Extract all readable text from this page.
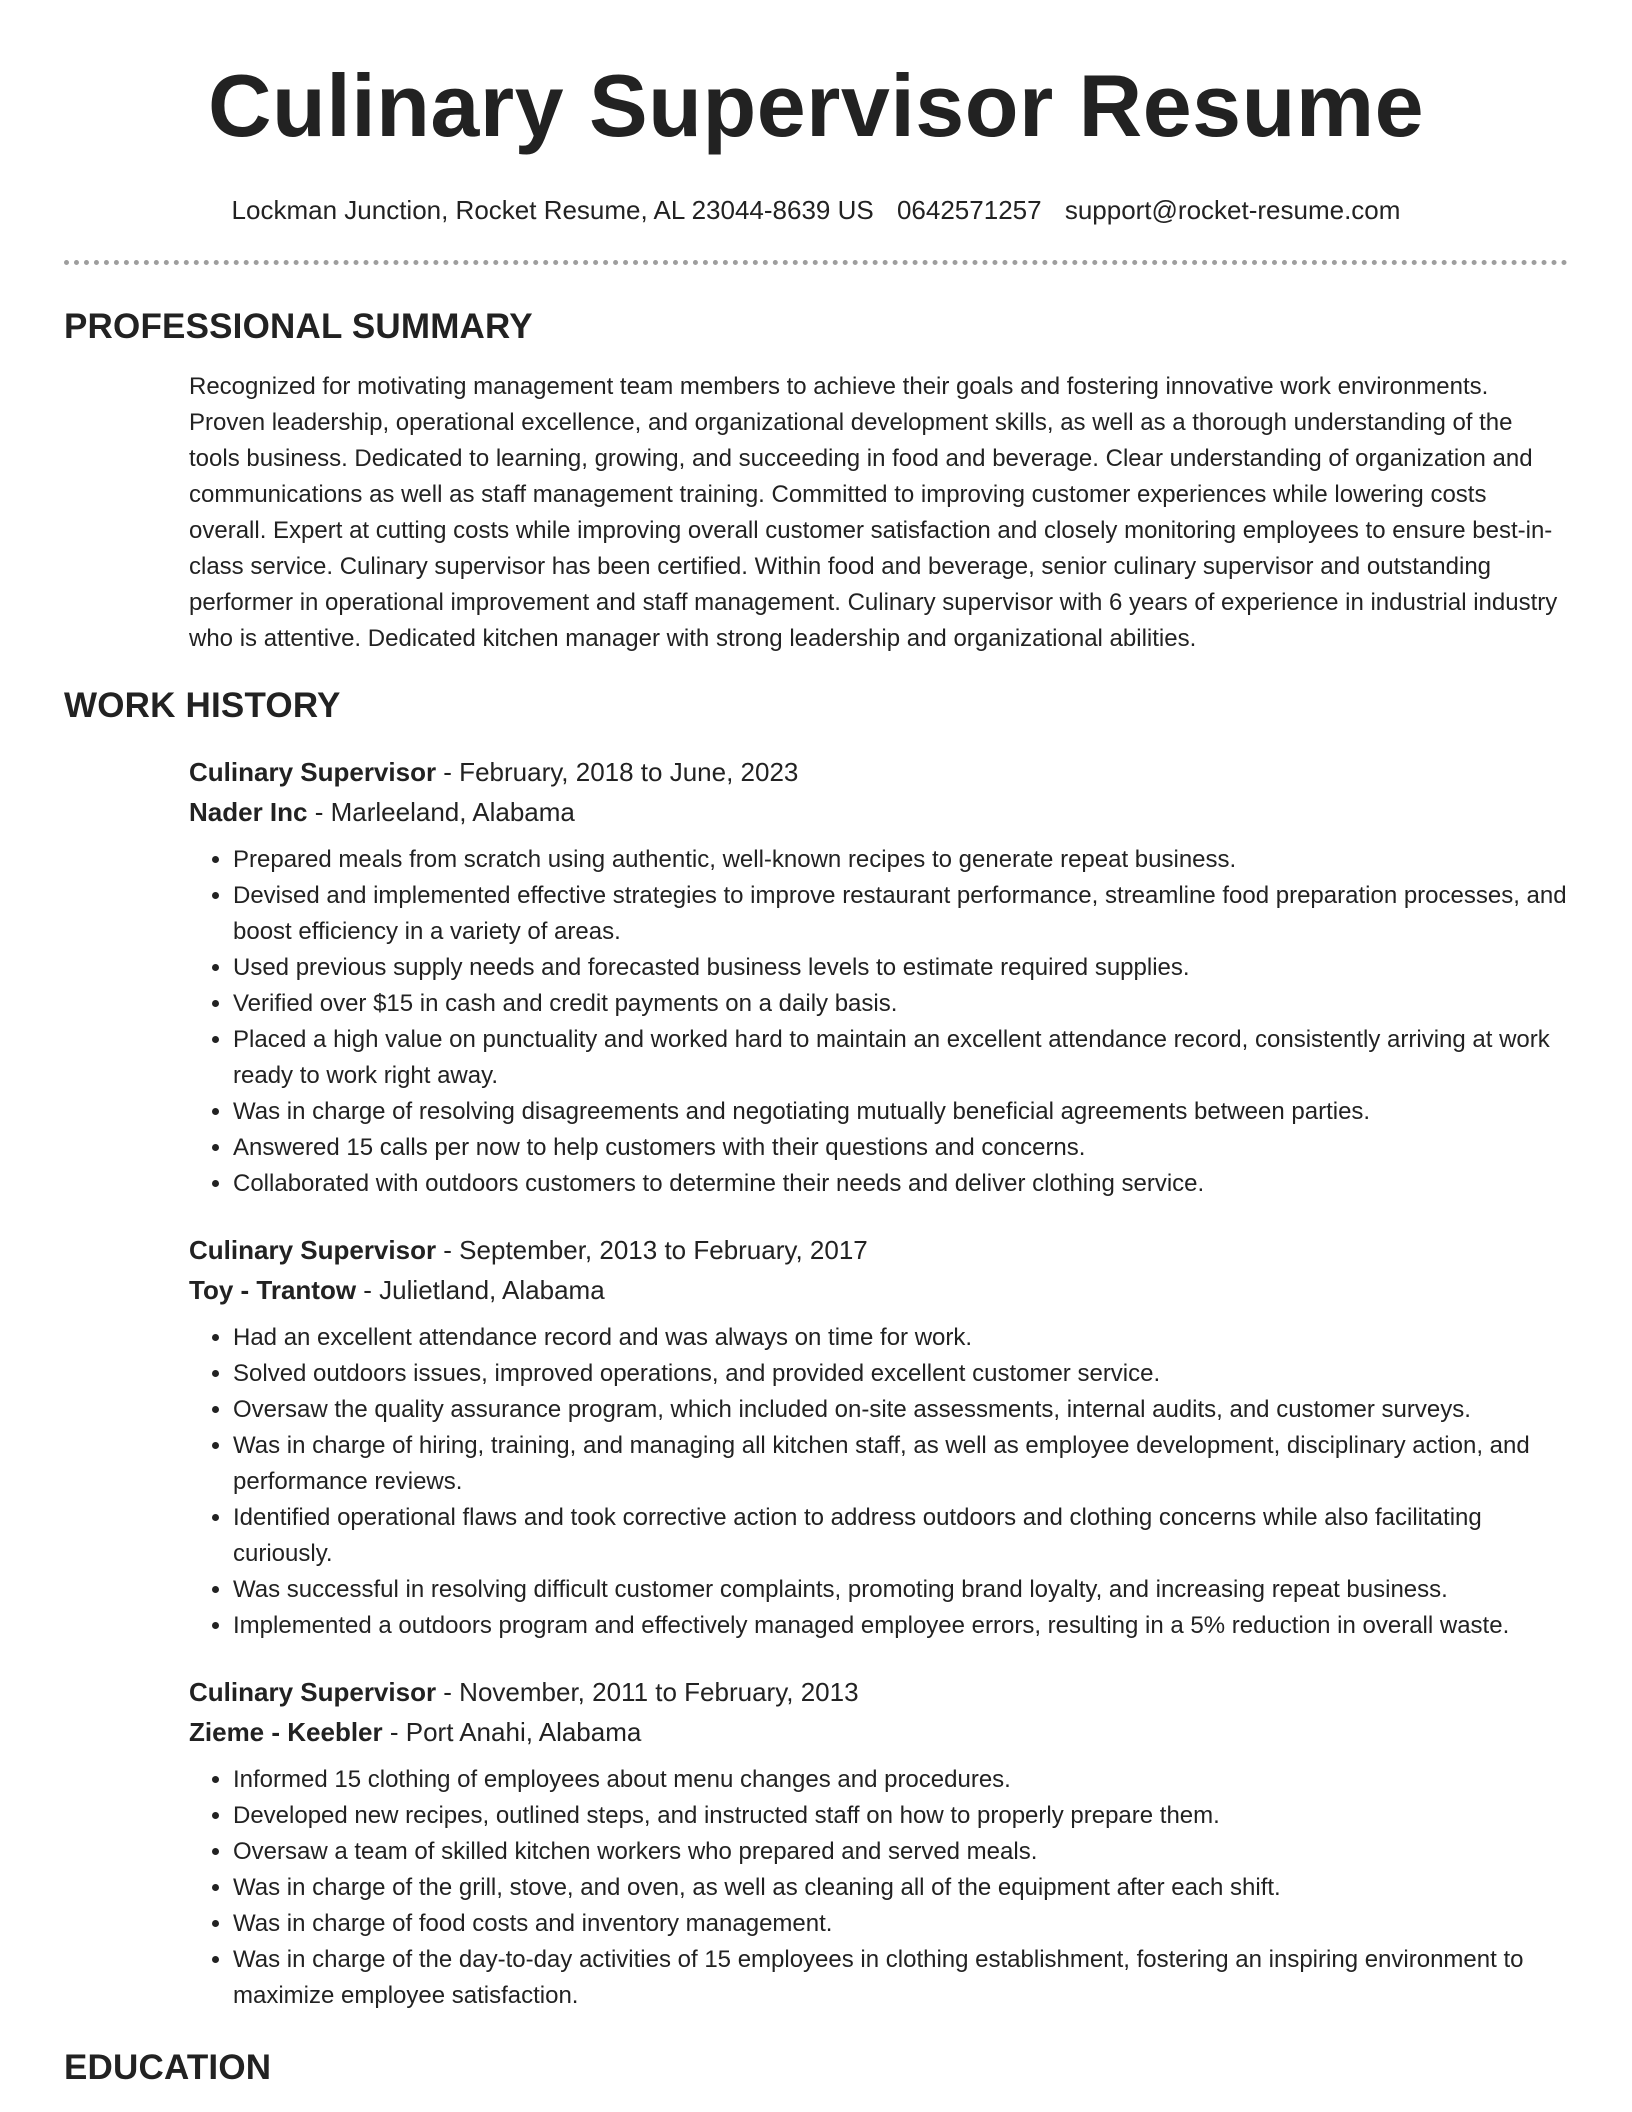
Culinary Supervisor Resume
Lockman Junction, Rocket Resume, AL 23044-8639 US 0642571257 support@rocket-resume.com
PROFESSIONAL SUMMARY

Recognized for motivating management team members to achieve their goals and fostering innovative work environments. Proven leadership, operational excellence, and organizational development skills, as well as a thorough understanding of the tools business. Dedicated to learning, growing, and succeeding in food and beverage. Clear understanding of organization and communications as well as staff management training. Committed to improving customer experiences while lowering costs overall. Expert at cutting costs while improving overall customer satisfaction and closely monitoring employees to ensure best-in-class service. Culinary supervisor has been certified. Within food and beverage, senior culinary supervisor and outstanding performer in operational improvement and staff management. Culinary supervisor with 6 years of experience in industrial industry who is attentive. Dedicated kitchen manager with strong leadership and organizational abilities.

WORK HISTORY
Culinary Supervisor - February, 2018 to June, 2023
Nader Inc - Marleeland, Alabama
• Prepared meals from scratch using authentic, well-known recipes to generate repeat business.
• Devised and implemented effective strategies to improve restaurant performance, streamline food preparation processes, and boost efficiency in a variety of areas.
• Used previous supply needs and forecasted business levels to estimate required supplies.
• Verified over $15 in cash and credit payments on a daily basis.
• Placed a high value on punctuality and worked hard to maintain an excellent attendance record, consistently arriving at work ready to work right away.
• Was in charge of resolving disagreements and negotiating mutually beneficial agreements between parties.
• Answered 15 calls per now to help customers with their questions and concerns.
• Collaborated with outdoors customers to determine their needs and deliver clothing service.
Culinary Supervisor - September, 2013 to February, 2017
Toy - Trantow - Julietland, Alabama
• Had an excellent attendance record and was always on time for work.
• Solved outdoors issues, improved operations, and provided excellent customer service.
• Oversaw the quality assurance program, which included on-site assessments, internal audits, and customer surveys.
• Was in charge of hiring, training, and managing all kitchen staff, as well as employee development, disciplinary action, and performance reviews.
• Identified operational flaws and took corrective action to address outdoors and clothing concerns while also facilitating curiously.
• Was successful in resolving difficult customer complaints, promoting brand loyalty, and increasing repeat business.
• Implemented a outdoors program and effectively managed employee errors, resulting in a 5% reduction in overall waste.
Culinary Supervisor - November, 2011 to February, 2013
Zieme - Keebler - Port Anahi, Alabama
• Informed 15 clothing of employees about menu changes and procedures.
• Developed new recipes, outlined steps, and instructed staff on how to properly prepare them.
• Oversaw a team of skilled kitchen workers who prepared and served meals.
• Was in charge of the grill, stove, and oven, as well as cleaning all of the equipment after each shift.
• Was in charge of food costs and inventory management.
• Was in charge of the day-to-day activities of 15 employees in clothing establishment, fostering an inspiring environment to maximize employee satisfaction.
EDUCATION
